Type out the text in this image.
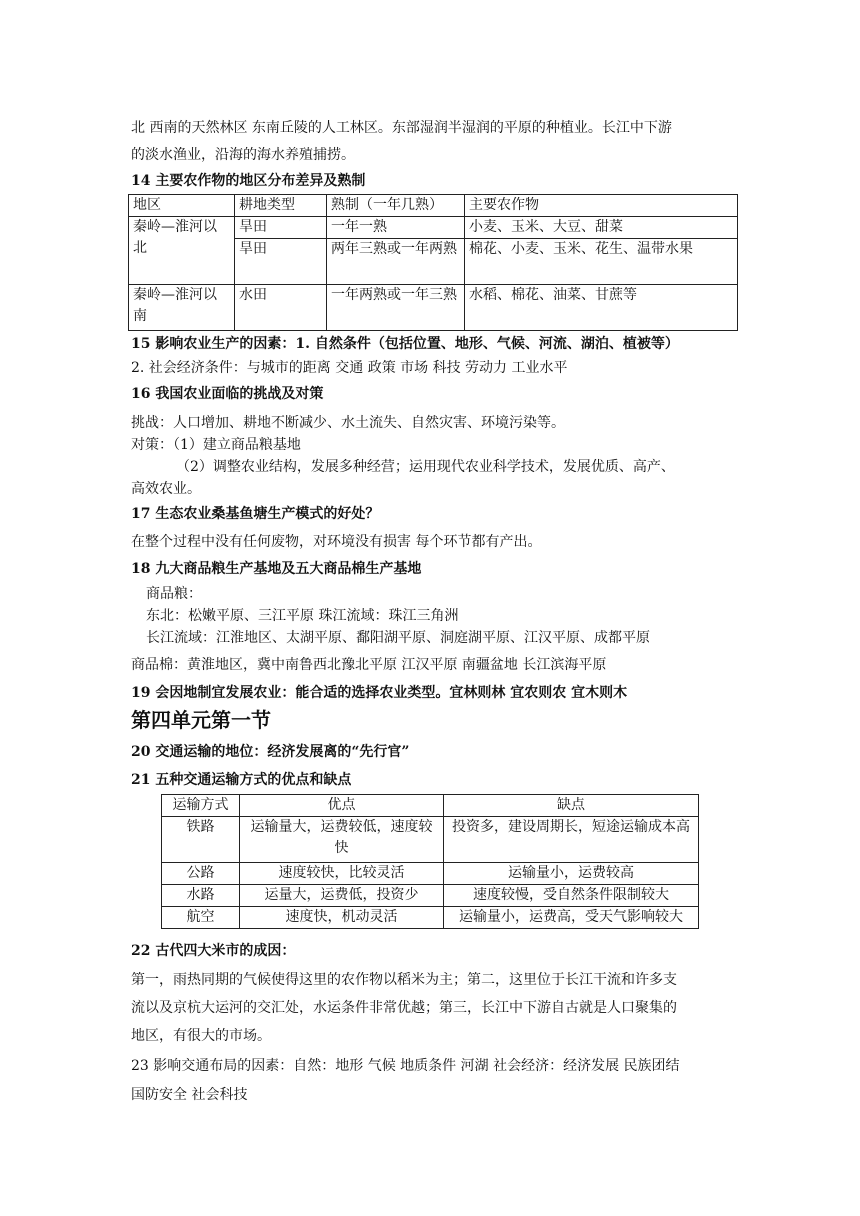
北 西南的天然林区 东南丘陵的人工林区。东部湿润半湿润的平原的种植业。长江中下游
的淡水渔业，沿海的海水养殖捕捞。
14 主要农作物的地区分布差异及熟制
地区	耕地类型	熟制（一年几熟）	主要农作物
秦岭—淮河以北	旱田	一年一熟	小麦、玉米、大豆、甜菜
	旱田	两年三熟或一年两熟	棉花、小麦、玉米、花生、温带水果
秦岭—淮河以南	水田	一年两熟或一年三熟	水稻、棉花、油菜、甘蔗等
15 影响农业生产的因素：1. 自然条件（包括位置、地形、气候、河流、湖泊、植被等）
2. 社会经济条件：与城市的距离 交通 政策 市场 科技 劳动力 工业水平
16 我国农业面临的挑战及对策
挑战：人口增加、耕地不断减少、水土流失、自然灾害、环境污染等。
对策：（1）建立商品粮基地
（2）调整农业结构，发展多种经营；运用现代农业科学技术，发展优质、高产、
高效农业。
17 生态农业桑基鱼塘生产模式的好处？
在整个过程中没有任何废物，对环境没有损害 每个环节都有产出。
18 九大商品粮生产基地及五大商品棉生产基地
商品粮：
东北：松嫩平原、三江平原 珠江流域：珠江三角洲
长江流域：江淮地区、太湖平原、鄱阳湖平原、洞庭湖平原、江汉平原、成都平原
商品棉：黄淮地区，冀中南鲁西北豫北平原 江汉平原 南疆盆地 长江滨海平原
19 会因地制宜发展农业：能合适的选择农业类型。宜林则林 宜农则农 宜木则木
第四单元第一节
20 交通运输的地位：经济发展离的“先行官”
21 五种交通运输方式的优点和缺点
运输方式	优点	缺点
铁路	运输量大，运费较低，速度较快	投资多，建设周期长，短途运输成本高
公路	速度较快，比较灵活	运输量小，运费较高
水路	运量大，运费低，投资少	速度较慢，受自然条件限制较大
航空	速度快，机动灵活	运输量小，运费高，受天气影响较大
22 古代四大米市的成因：
第一，雨热同期的气候使得这里的农作物以稻米为主；第二，这里位于长江干流和许多支
流以及京杭大运河的交汇处，水运条件非常优越；第三，长江中下游自古就是人口聚集的
地区，有很大的市场。
23 影响交通布局的因素：自然：地形 气候 地质条件 河湖 社会经济：经济发展 民族团结
国防安全 社会科技
